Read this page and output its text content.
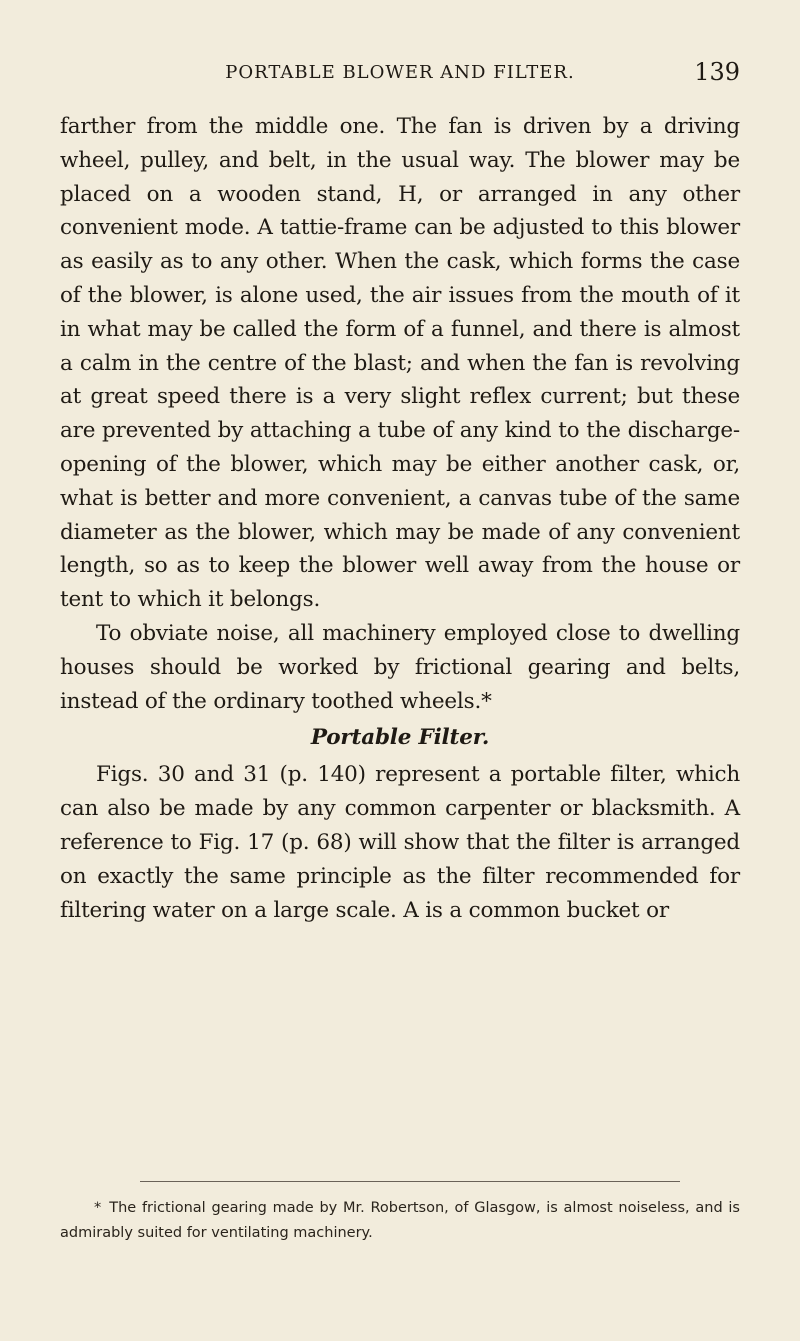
PORTABLE BLOWER AND FILTER.	139

farther from the middle one. The fan is driven by a driving wheel, pulley, and belt, in the usual way. The blower may be placed on a wooden stand, H, or arranged in any other convenient mode. A tattie-frame can be adjusted to this blower as easily as to any other. When the cask, which forms the case of the blower, is alone used, the air issues from the mouth of it in what may be called the form of a funnel, and there is almost a calm in the centre of the blast; and when the fan is revolving at great speed there is a very slight reflex current; but these are prevented by attaching a tube of any kind to the discharge-opening of the blower, which may be either another cask, or, what is better and more convenient, a canvas tube of the same diameter as the blower, which may be made of any convenient length, so as to keep the blower well away from the house or tent to which it belongs.

To obviate noise, all machinery employed close to dwelling houses should be worked by frictional gearing and belts, instead of the ordinary toothed wheels.*

Portable Filter.

Figs. 30 and 31 (p. 140) represent a portable filter, which can also be made by any common carpenter or blacksmith. A reference to Fig. 17 (p. 68) will show that the filter is arranged on exactly the same principle as the filter recommended for filtering water on a large scale. A is a common bucket or

* The frictional gearing made by Mr. Robertson, of Glasgow, is almost noiseless, and is admirably suited for ventilating machinery.
